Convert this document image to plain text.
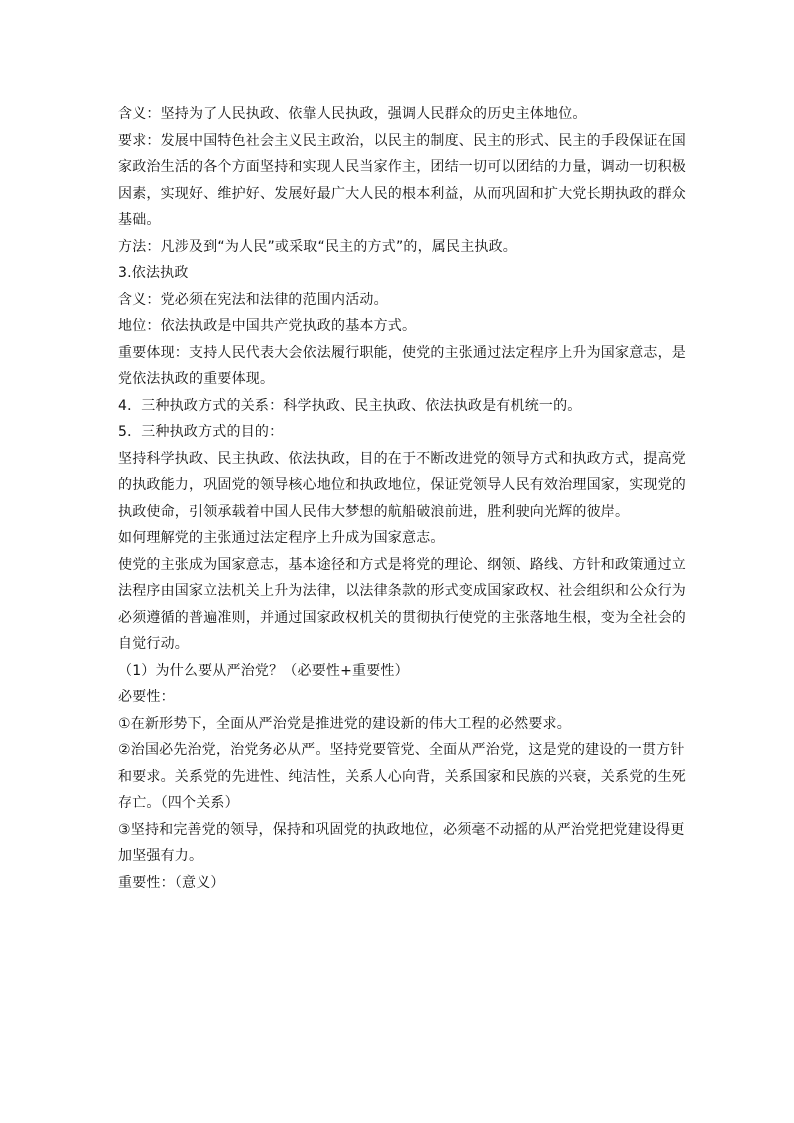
含义：坚持为了人民执政、依靠人民执政，强调人民群众的历史主体地位。
要求：发展中国特色社会主义民主政治，以民主的制度、民主的形式、民主的手段保证在国
家政治生活的各个方面坚持和实现人民当家作主，团结一切可以团结的力量，调动一切积极
因素，实现好、维护好、发展好最广大人民的根本利益，从而巩固和扩大党长期执政的群众
基础。
方法：凡涉及到“为人民”或采取“民主的方式”的，属民主执政。
3.依法执政
含义：党必须在宪法和法律的范围内活动。
地位：依法执政是中国共产党执政的基本方式。
重要体现：支持人民代表大会依法履行职能，使党的主张通过法定程序上升为国家意志，是
党依法执政的重要体现。
4．三种执政方式的关系：科学执政、民主执政、依法执政是有机统一的。
5．三种执政方式的目的：
坚持科学执政、民主执政、依法执政，目的在于不断改进党的领导方式和执政方式，提高党
的执政能力，巩固党的领导核心地位和执政地位，保证党领导人民有效治理国家，实现党的
执政使命，引领承载着中国人民伟大梦想的航船破浪前进，胜利驶向光辉的彼岸。
如何理解党的主张通过法定程序上升成为国家意志。
使党的主张成为国家意志，基本途径和方式是将党的理论、纲领、路线、方针和政策通过立
法程序由国家立法机关上升为法律，以法律条款的形式变成国家政权、社会组织和公众行为
必须遵循的普遍准则，并通过国家政权机关的贯彻执行使党的主张落地生根，变为全社会的
自觉行动。
（1）为什么要从严治党？（必要性+重要性）
必要性：
①在新形势下，全面从严治党是推进党的建设新的伟大工程的必然要求。
②治国必先治党，治党务必从严。坚持党要管党、全面从严治党，这是党的建设的一贯方针
和要求。关系党的先进性、纯洁性，关系人心向背，关系国家和民族的兴衰，关系党的生死
存亡。（四个关系）
③坚持和完善党的领导，保持和巩固党的执政地位，必须毫不动摇的从严治党把党建设得更
加坚强有力。
重要性：（意义）
